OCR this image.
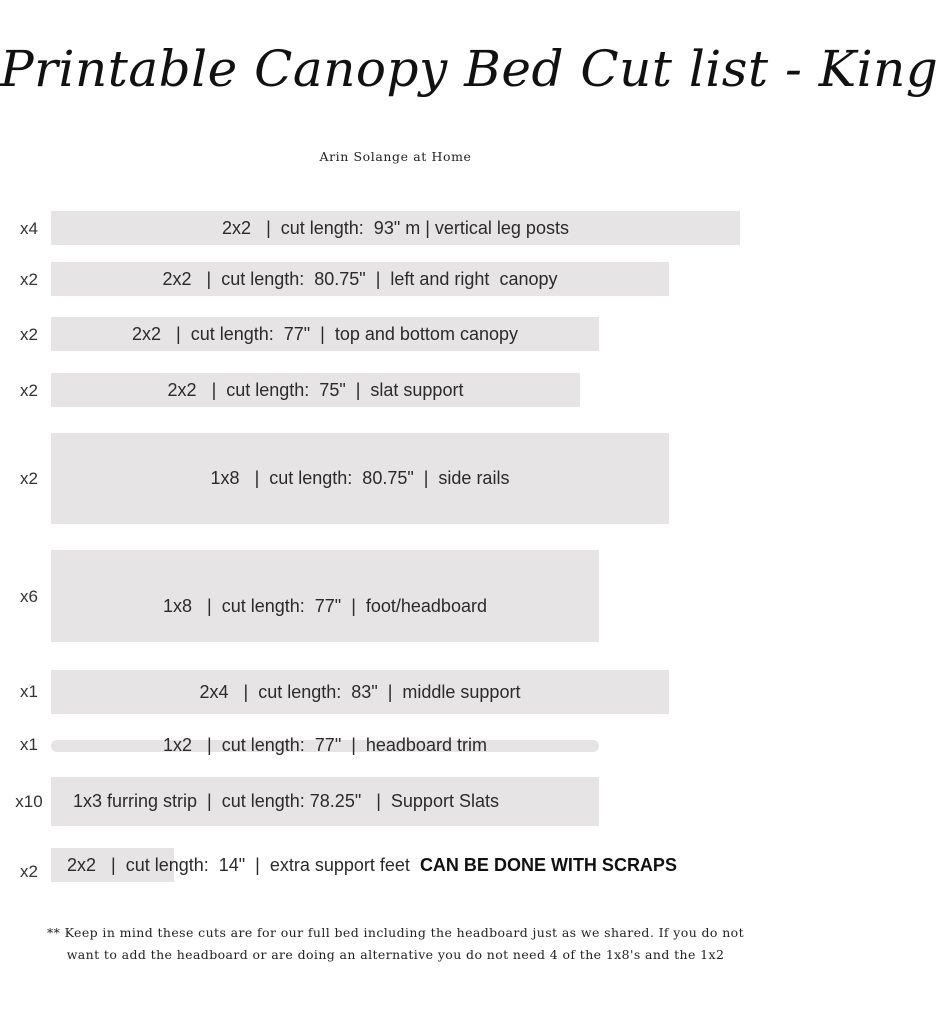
Printable Canopy Bed Cut list - King
Arin Solange at Home
x4	2x2   |  cut length:  93" m | vertical leg posts
x2	2x2   |  cut length:  80.75"  |  left and right  canopy
x2	2x2   |  cut length:  77"  |  top and bottom canopy
x2	2x2   |  cut length:  75"  |  slat support
x2	1x8   |  cut length:  80.75"  |  side rails
x6	1x8   |  cut length:  77"  |  foot/headboard
x1	2x4   |  cut length:  83"  |  middle support
x1	1x2   |  cut length:  77"  |  headboard trim
x10	1x3 furring strip  |  cut length: 78.25"   |  Support Slats
x2	2x2   |  cut length:  14"  |  extra support feet CAN BE DONE WITH SCRAPS
** Keep in mind these cuts are for our full bed including the headboard just as we shared. If you do not want to add the headboard or are doing an alternative you do not need 4 of the 1x8's and the 1x2
